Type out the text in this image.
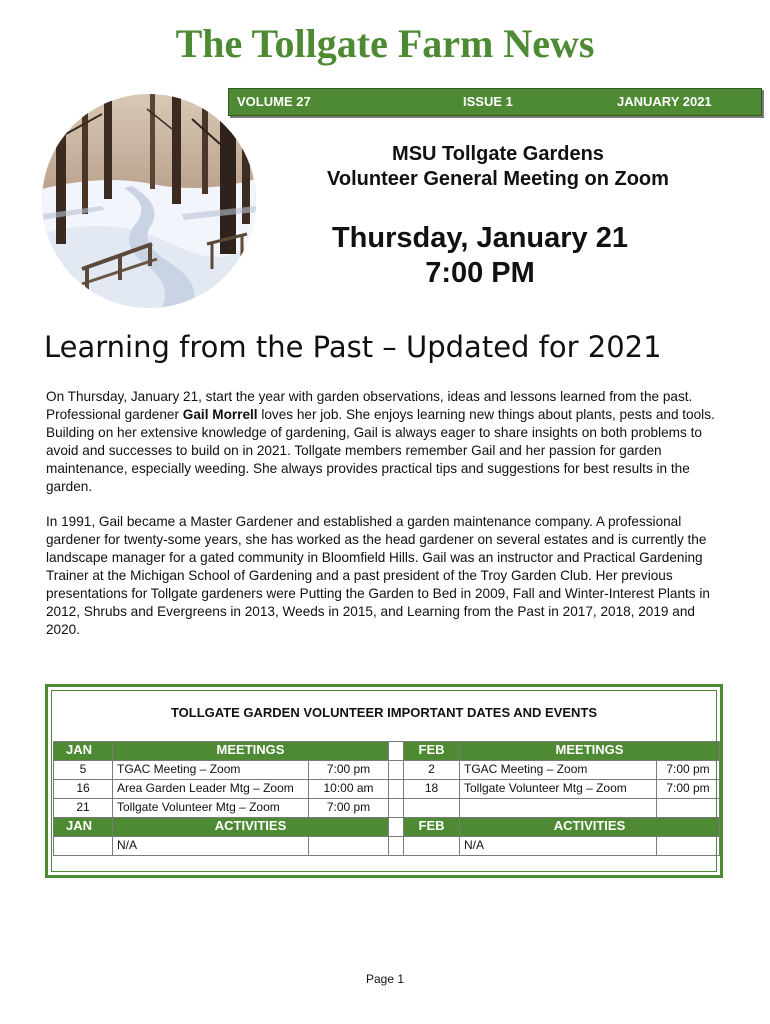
The Tollgate Farm News
VOLUME 27	ISSUE 1	JANUARY 2021
MSU Tollgate Gardens
Volunteer General Meeting on Zoom
Thursday, January 21
7:00 PM
Learning from the Past – Updated for 2021
On Thursday, January 21, start the year with garden observations, ideas and lessons learned from the past. Professional gardener Gail Morrell loves her job. She enjoys learning new things about plants, pests and tools. Building on her extensive knowledge of gardening, Gail is always eager to share insights on both problems to avoid and successes to build on in 2021. Tollgate members remember Gail and her passion for garden maintenance, especially weeding. She always provides practical tips and suggestions for best results in the garden.
In 1991, Gail became a Master Gardener and established a garden maintenance company. A professional gardener for twenty-some years, she has worked as the head gardener on several estates and is currently the landscape manager for a gated community in Bloomfield Hills. Gail was an instructor and Practical Gardening Trainer at the Michigan School of Gardening and a past president of the Troy Garden Club. Her previous presentations for Tollgate gardeners were Putting the Garden to Bed in 2009, Fall and Winter-Interest Plants in 2012, Shrubs and Evergreens in 2013, Weeds in 2015, and Learning from the Past in 2017, 2018, 2019 and 2020.
TOLLGATE GARDEN VOLUNTEER IMPORTANT DATES AND EVENTS
JAN	MEETINGS			FEB	MEETINGS	
5	TGAC Meeting – Zoom	7:00 pm		2	TGAC Meeting – Zoom	7:00 pm
16	Area Garden Leader Mtg – Zoom	10:00 am		18	Tollgate Volunteer Mtg – Zoom	7:00 pm
21	Tollgate Volunteer Mtg – Zoom	7:00 pm				
JAN	ACTIVITIES			FEB	ACTIVITIES	
	N/A				N/A	
Page 1
